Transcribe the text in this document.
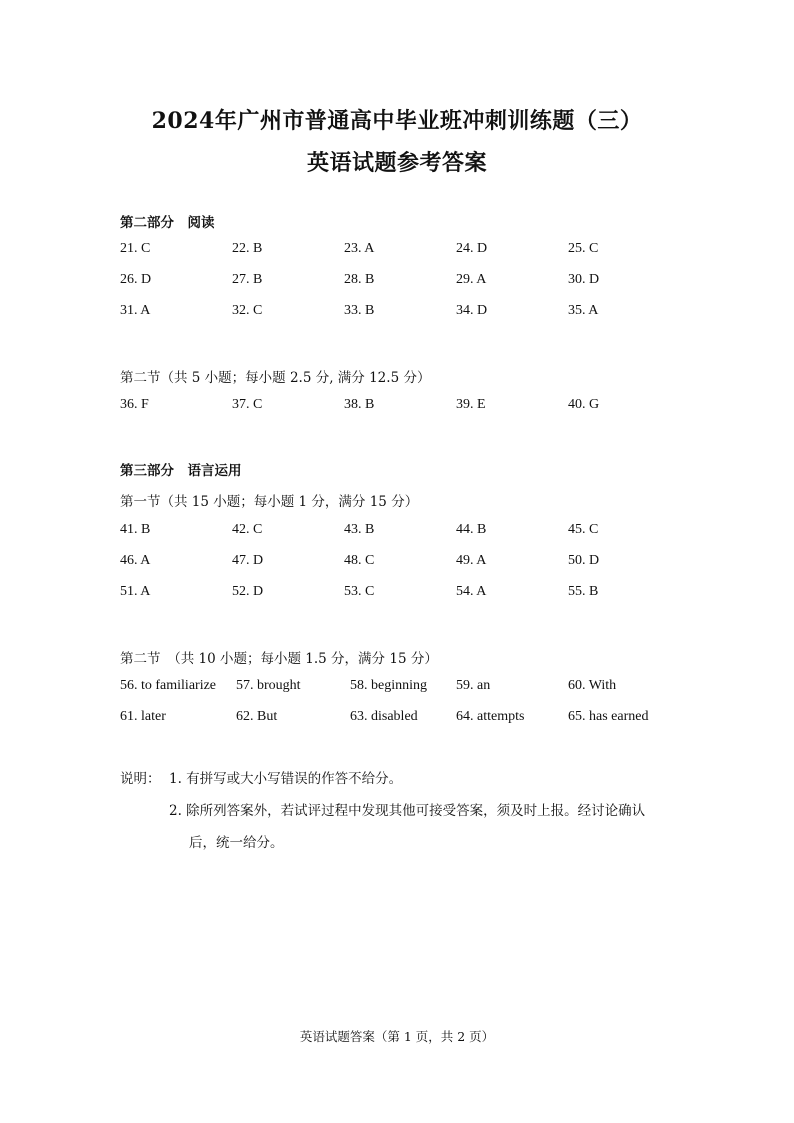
2024年广州市普通高中毕业班冲刺训练题（三）
英语试题参考答案
第二部分　阅读
21. C	22. B	23. A	24. D	25. C
26. D	27. B	28. B	29. A	30. D
31. A	32. C	33. B	34. D	35. A
第二节（共 5 小题；每小题 2.5 分, 满分 12.5 分）
36. F	37. C	38. B	39. E	40. G
第三部分　语言运用
第一节（共 15 小题；每小题 1 分，满分 15 分）
41. B	42. C	43. B	44. B	45. C
46. A	47. D	48. C	49. A	50. D
51. A	52. D	53. C	54. A	55. B
第二节　（共 10 小题；每小题 1.5 分，满分 15 分）
56. to familiarize 57. brought	58. beginning 59. an	60. With
61. later	62. But	63. disabled	64. attempts	65. has earned
说明： 1. 有拼写或大小写错误的作答不给分。
2. 除所列答案外，若试评过程中发现其他可接受答案，须及时上报。经讨论确认
后，统一给分。
英语试题答案（第 1 页，共 2 页）
